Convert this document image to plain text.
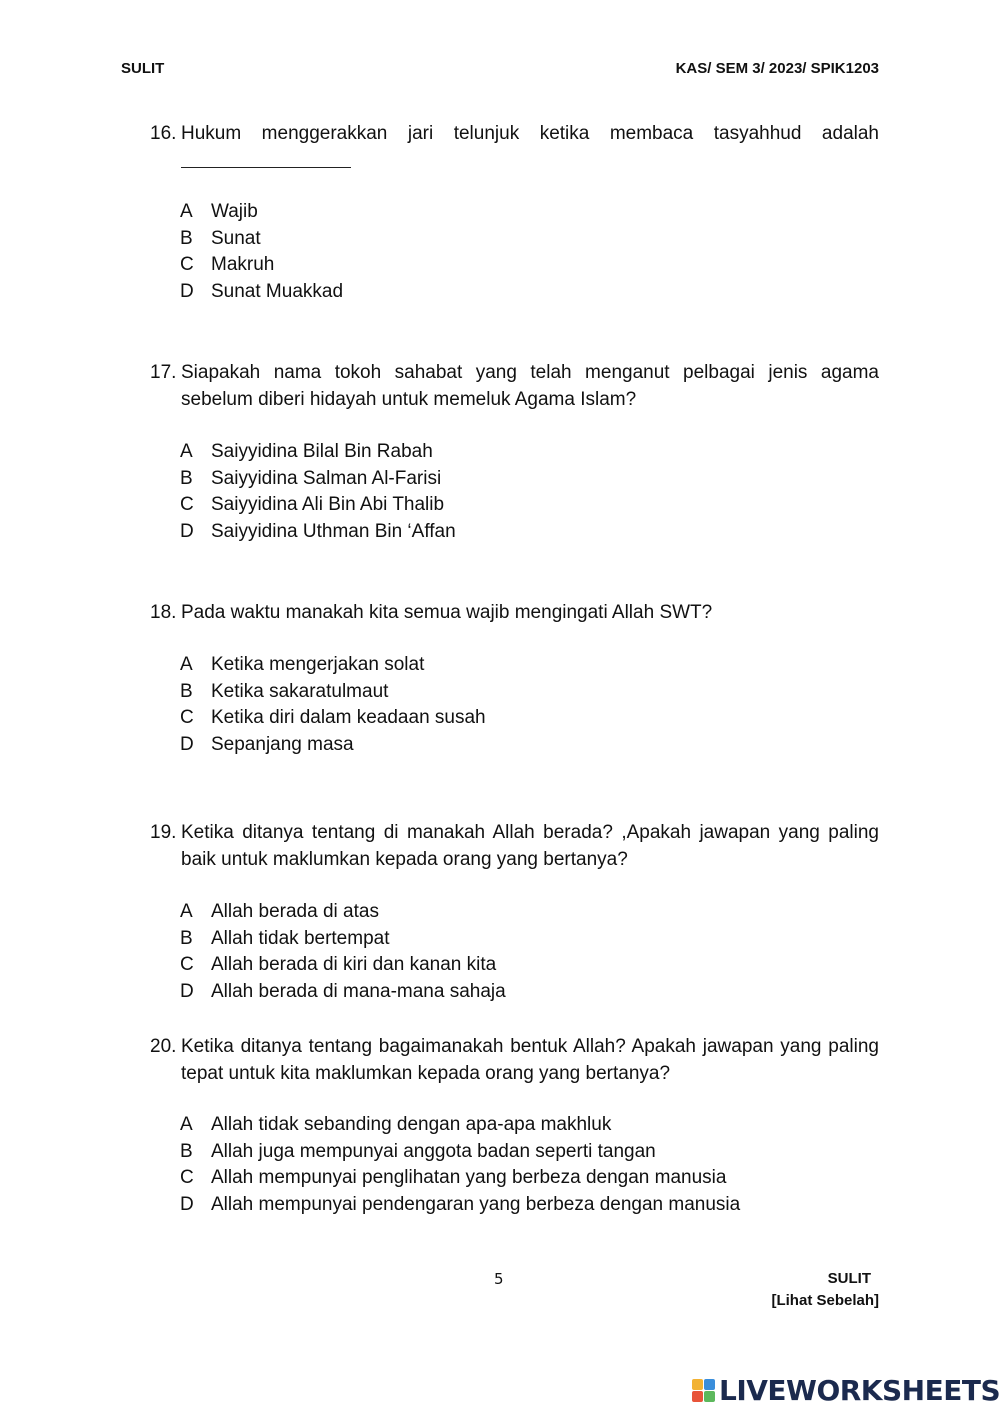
SULIT	KAS/ SEM 3/ 2023/ SPIK1203
16. Hukum menggerakkan jari telunjuk ketika membaca tasyahhud adalah
A Wajib
B Sunat
C Makruh
D Sunat Muakkad
17. Siapakah nama tokoh sahabat yang telah menganut pelbagai jenis agama sebelum diberi hidayah untuk memeluk Agama Islam?
A Saiyyidina Bilal Bin Rabah
B Saiyyidina Salman Al-Farisi
C Saiyyidina Ali Bin Abi Thalib
D Saiyyidina Uthman Bin ‘Affan
18. Pada waktu manakah kita semua wajib mengingati Allah SWT?
A Ketika mengerjakan solat
B Ketika sakaratulmaut
C Ketika diri dalam keadaan susah
D Sepanjang masa
19. Ketika ditanya tentang di manakah Allah berada? ,Apakah jawapan yang paling baik untuk maklumkan kepada orang yang bertanya?
A Allah berada di atas
B Allah tidak bertempat
C Allah berada di kiri dan kanan kita
D Allah berada di mana-mana sahaja
20. Ketika ditanya tentang bagaimanakah bentuk Allah? Apakah jawapan yang paling tepat untuk kita maklumkan kepada orang yang bertanya?
A Allah tidak sebanding dengan apa-apa makhluk
B Allah juga mempunyai anggota badan seperti tangan
C Allah mempunyai penglihatan yang berbeza dengan manusia
D Allah mempunyai pendengaran yang berbeza dengan manusia
5	SULIT
[Lihat Sebelah]
LIVEWORKSHEETS
